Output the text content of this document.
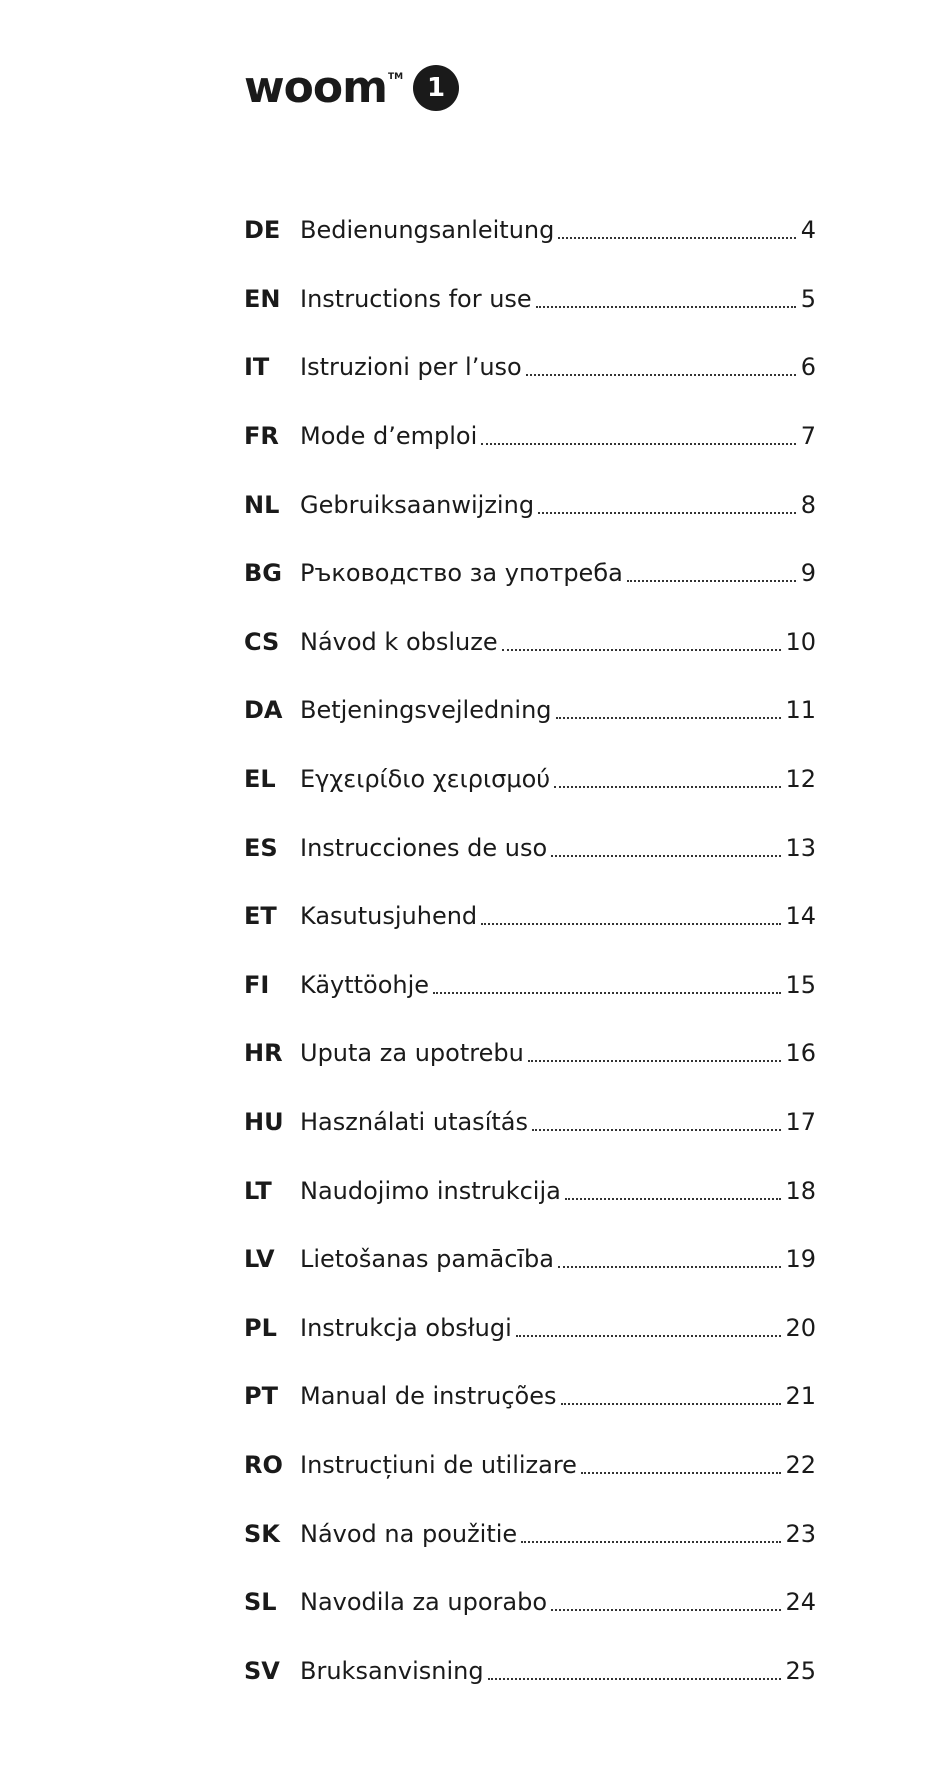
woom TM 1
DE Bedienungsanleitung	4
EN Instructions for use	5
IT	Istruzioni per l’uso	6
FR Mode d’emploi	7
NL Gebruiksaanwijzing	8
BG Ръководство за употреба	9
CS Návod k obsluze	10
DA Betjeningsvejledning	11
EL	Εγχειρίδιο χειρισμού	12
ES Instrucciones de uso	13
ET Kasutusjuhend	14
FI	Käyttöohje	15
HR Uputa za upotrebu	16
HU Használati utasítás	17
LT	Naudojimo instrukcija	18
LV	Lietošanas pamācība	19
PL Instrukcja obsługi	20
PT Manual de instruções	21
RO Instrucțiuni de utilizare	22
SK Návod na použitie	23
SL Navodila za uporabo	24
SV Bruksanvisning	25
